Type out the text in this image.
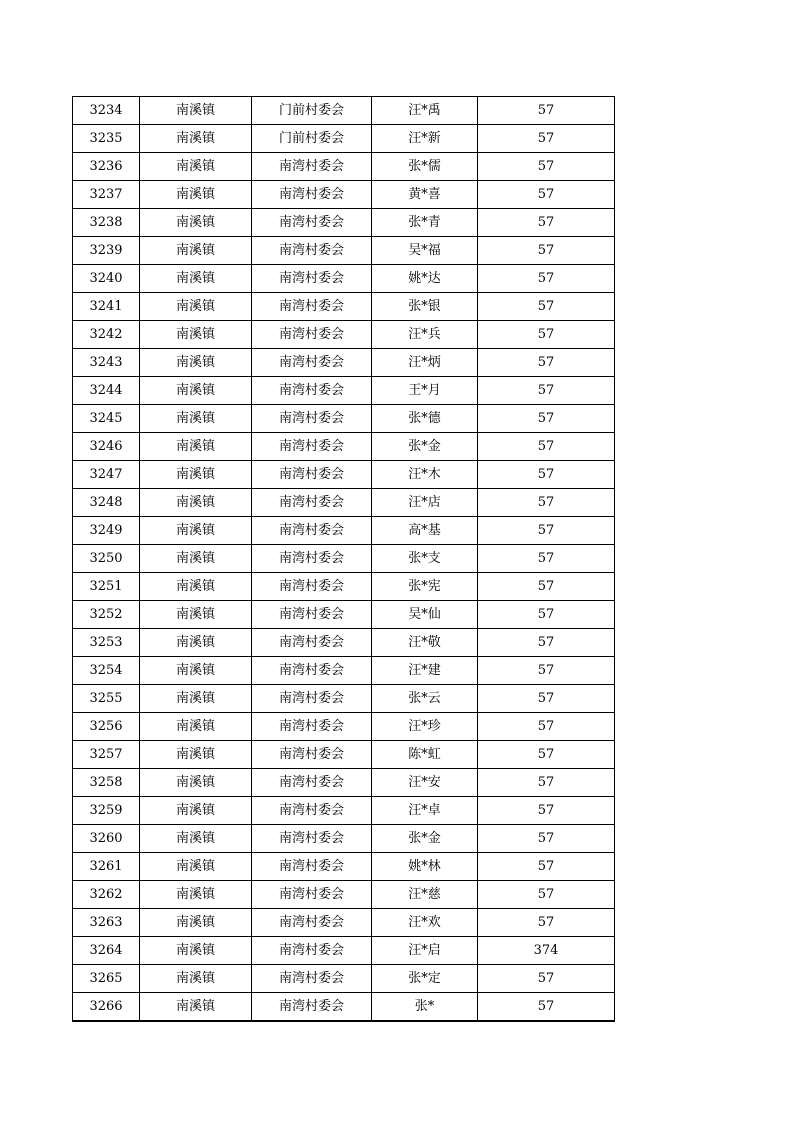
3234	南溪镇	门前村委会	汪*禹	57
3235	南溪镇	门前村委会	汪*新	57
3236	南溪镇	南湾村委会	张*儒	57
3237	南溪镇	南湾村委会	黄*喜	57
3238	南溪镇	南湾村委会	张*青	57
3239	南溪镇	南湾村委会	吴*福	57
3240	南溪镇	南湾村委会	姚*达	57
3241	南溪镇	南湾村委会	张*银	57
3242	南溪镇	南湾村委会	汪*兵	57
3243	南溪镇	南湾村委会	汪*炳	57
3244	南溪镇	南湾村委会	王*月	57
3245	南溪镇	南湾村委会	张*德	57
3246	南溪镇	南湾村委会	张*金	57
3247	南溪镇	南湾村委会	汪*木	57
3248	南溪镇	南湾村委会	汪*店	57
3249	南溪镇	南湾村委会	高*基	57
3250	南溪镇	南湾村委会	张*支	57
3251	南溪镇	南湾村委会	张*宪	57
3252	南溪镇	南湾村委会	吴*仙	57
3253	南溪镇	南湾村委会	汪*敬	57
3254	南溪镇	南湾村委会	汪*建	57
3255	南溪镇	南湾村委会	张*云	57
3256	南溪镇	南湾村委会	汪*珍	57
3257	南溪镇	南湾村委会	陈*虹	57
3258	南溪镇	南湾村委会	汪*安	57
3259	南溪镇	南湾村委会	汪*卓	57
3260	南溪镇	南湾村委会	张*金	57
3261	南溪镇	南湾村委会	姚*林	57
3262	南溪镇	南湾村委会	汪*慈	57
3263	南溪镇	南湾村委会	汪*欢	57
3264	南溪镇	南湾村委会	汪*启	374
3265	南溪镇	南湾村委会	张*定	57
3266	南溪镇	南湾村委会	张*	57
